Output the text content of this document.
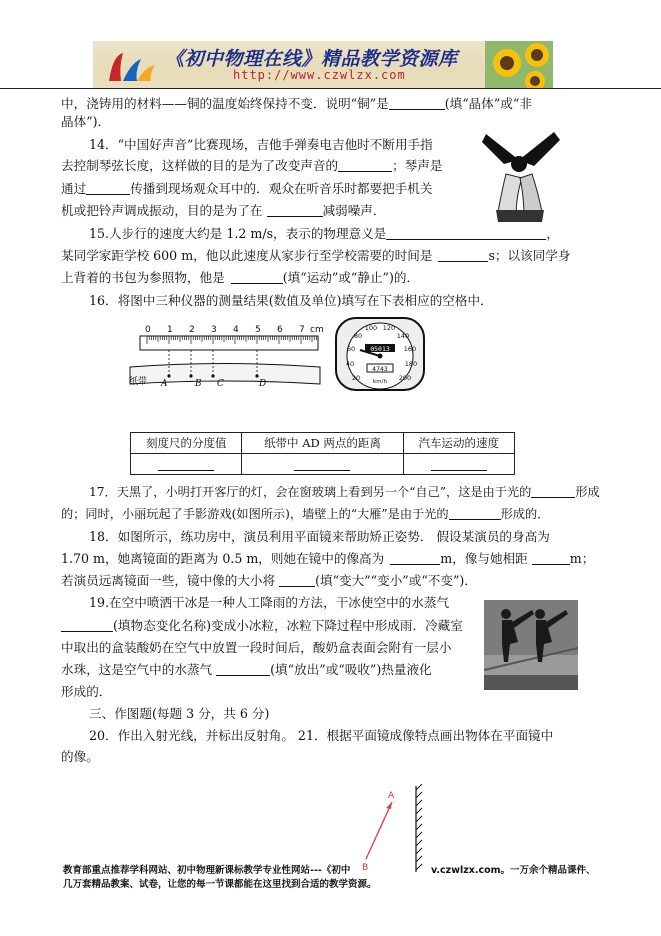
《初中物理在线》精品教学资源库
http://www.czwlzx.com
中，浇铸用的材料——铜的温度始终保持不变．说明“铜”是	(填“晶体”或“非
晶体”)．
14．“中国好声音”比赛现场，吉他手弹奏电吉他时不断用手指
去控制琴弦长度，这样做的目的是为了改变声音的	；琴声是
通过	传播到现场观众耳中的．观众在听音乐时都要把手机关
机或把铃声调成振动，目的是为了在	减弱噪声．
15.人步行的速度大约是 1.2 m/s，表示的物理意义是	，
某同学家距学校 600 m，他以此速度从家步行至学校需要的时间是	s；以该同学身
上背着的书包为参照物，他是	(填“运动”或“静止”)的．
16．将图中三种仪器的测量结果(数值及单位)填写在下表相应的空格中．
0 1 2 3 4 5 6 7 cm
A	B C	D
纸带	20
40
60
80
100 120
140
160
180
200
05013
4743
km/h
刻度尺的分度值	纸带中 AD 两点的距离	汽车运动的速度

17．天黑了，小明打开客厅的灯，会在窗玻璃上看到另一个“自己”，这是由于光的	形成
的；同时，小丽玩起了手影游戏(如图所示)，墙壁上的“大雁”是由于光的	形成的．
18．如图所示，练功房中，演员利用平面镜来帮助矫正姿势． 假设某演员的身高为
1.70 m，她离镜面的距离为 0.5 m，则她在镜中的像高为	m，像与她相距	m；
若演员远离镜面一些，镜中像的大小将	(填“变大”“变小”或“不变”)．
19.在空中喷洒干冰是一种人工降雨的方法，干冰使空中的水蒸气
(填物态变化名称)变成小冰粒，冰粒下降过程中形成雨．冷藏室
中取出的盒装酸奶在空气中放置一段时间后，酸奶盒表面会附有一层小
水珠，这是空气中的水蒸气	(填“放出”或“吸收”)热量液化
形成的．
三、作图题(每题 3 分，共 6 分)
20．作出入射光线，并标出反射角。 21．根据平面镜成像特点画出物体在平面镜中
的像。
A
B
教育部重点推荐学科网站、初中物理新课标教学专业性网站---《初中	v.czwlzx.com。一万余个精品课件、
几万套精品教案、试卷，让您的每一节课都能在这里找到合适的教学资源。
